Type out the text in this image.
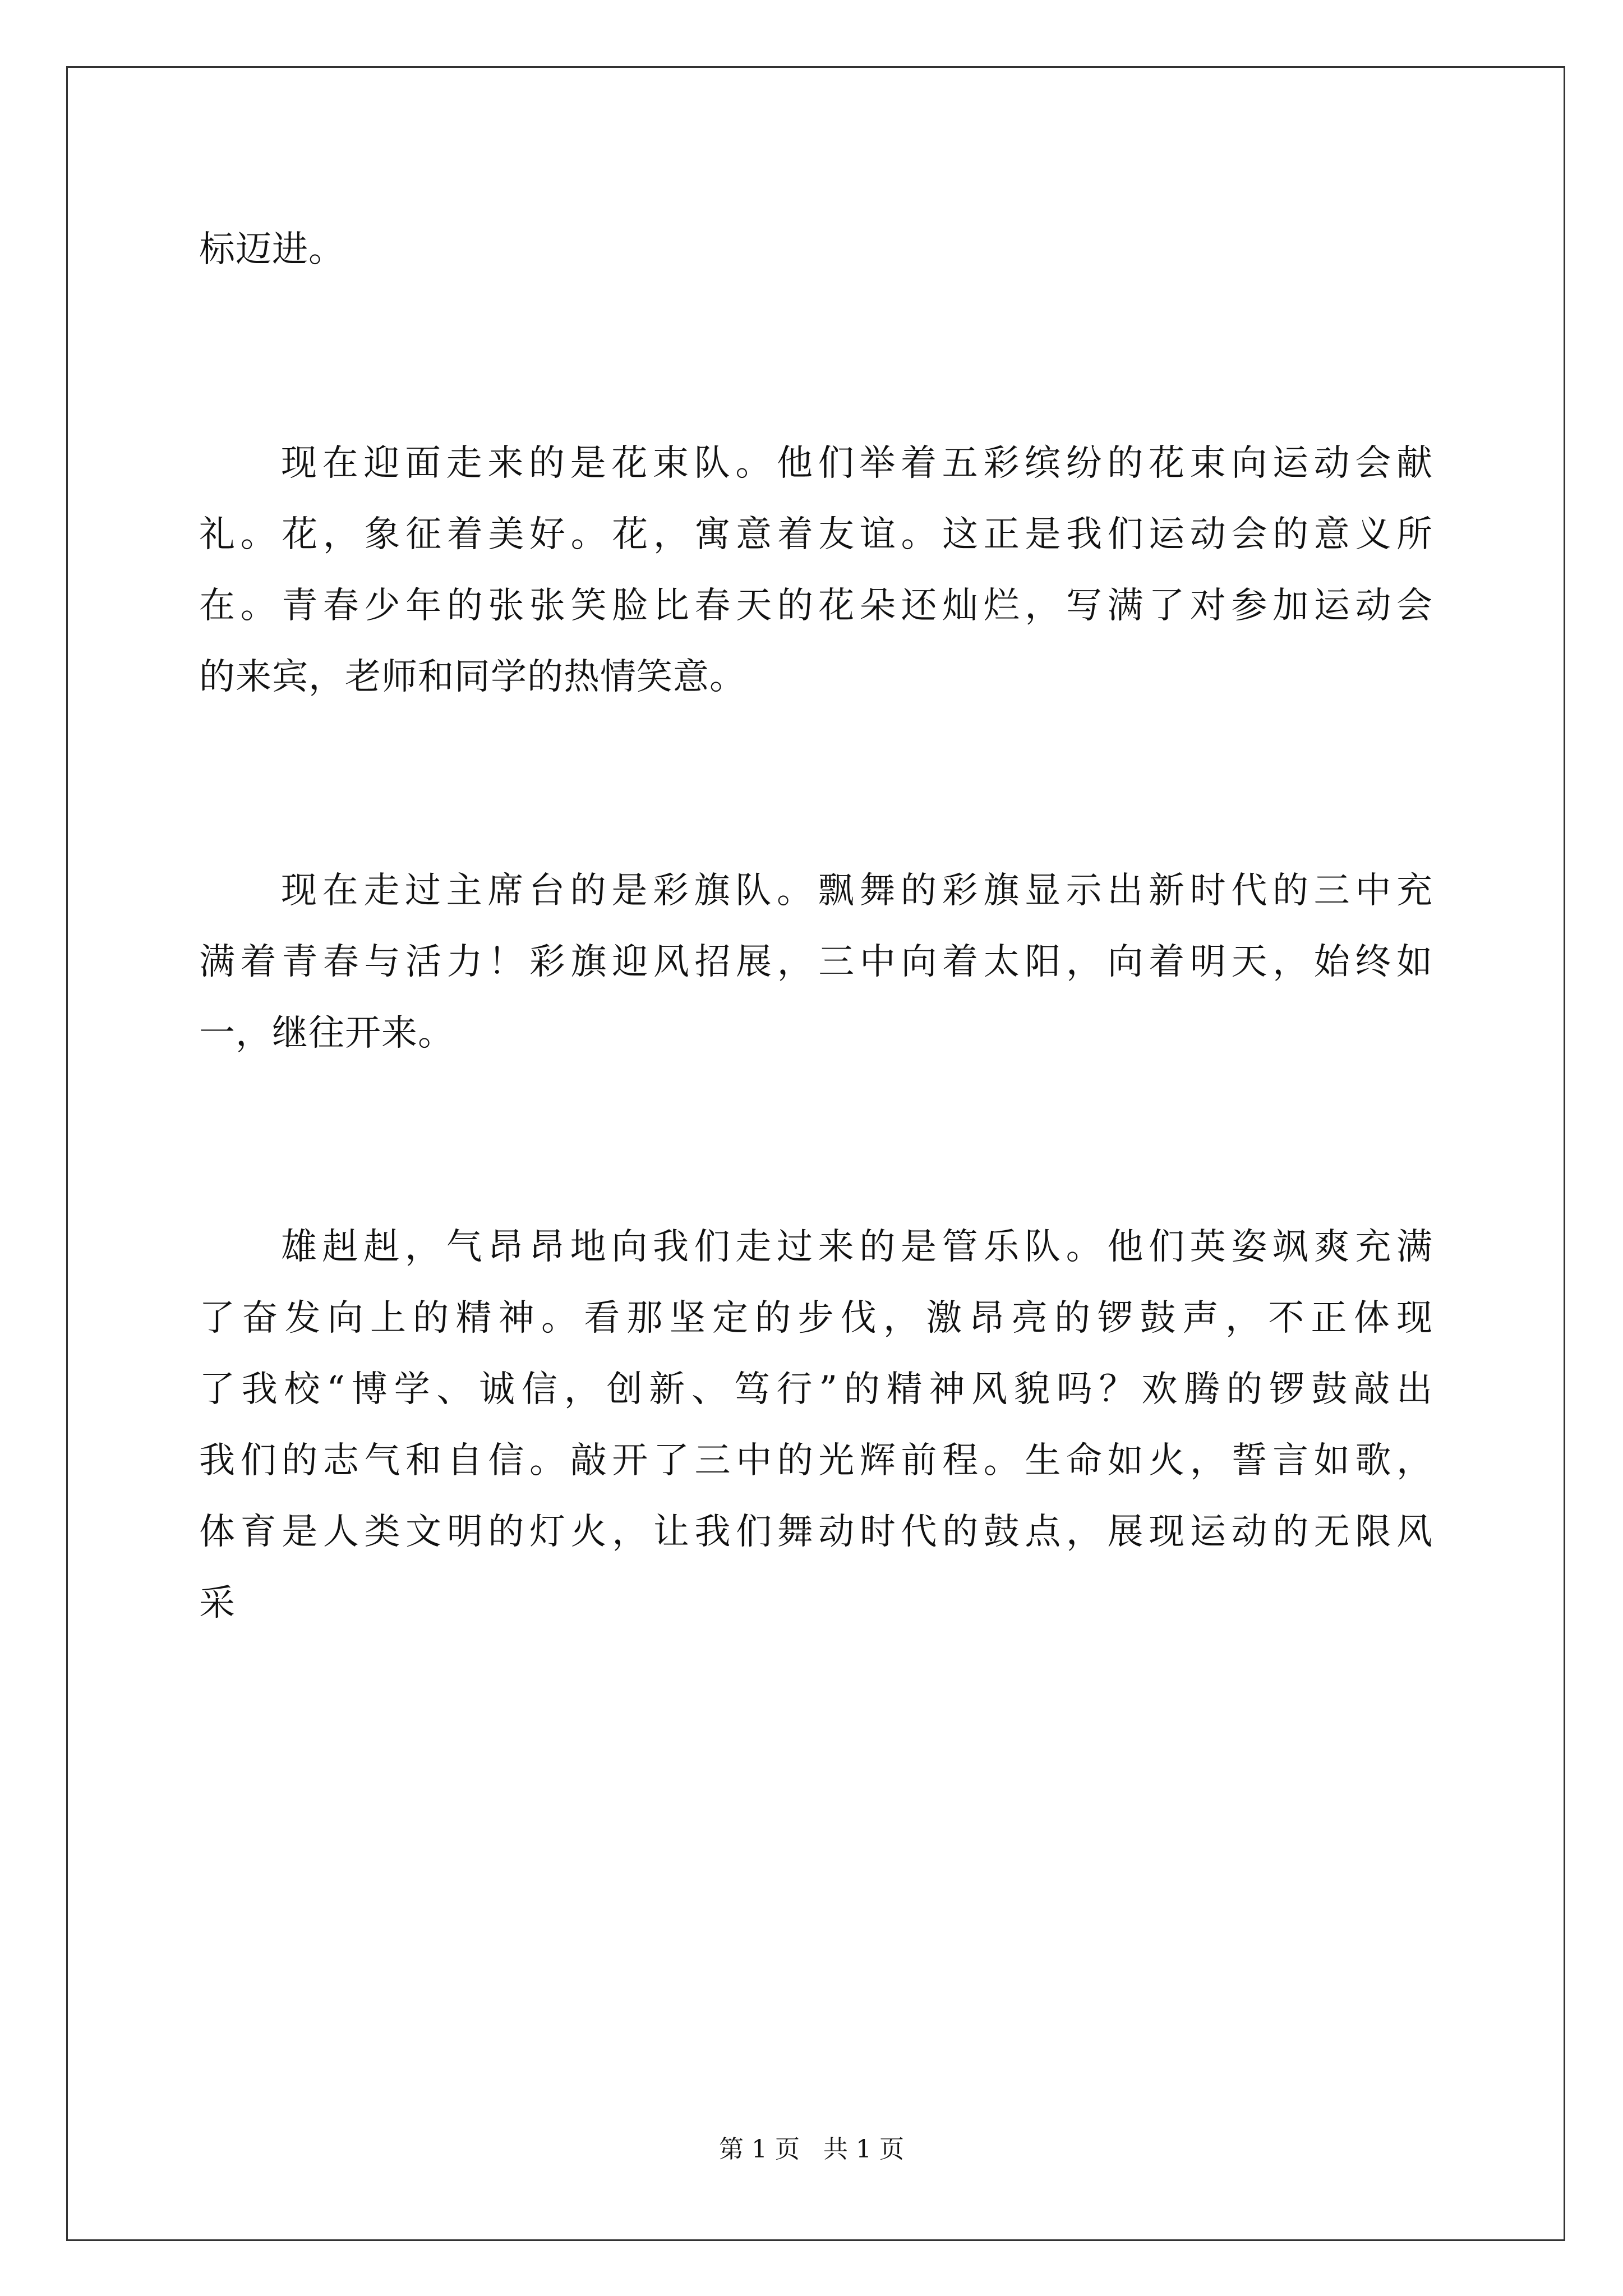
标迈进。
现在迎面走来的是花束队。他们举着五彩缤纷的花束向运动会献
礼。花，象征着美好。花，寓意着友谊。这正是我们运动会的意义所
在。青春少年的张张笑脸比春天的花朵还灿烂，写满了对参加运动会
的来宾，老师和同学的热情笑意。
现在走过主席台的是彩旗队。飘舞的彩旗显示出新时代的三中充
满着青春与活力！彩旗迎风招展，三中向着太阳，向着明天，始终如
一，继往开来。
雄赳赳，气昂昂地向我们走过来的是管乐队。他们英姿飒爽充满
了奋发向上的精神。看那坚定的步伐，激昂亮的锣鼓声，不正体现
了我校“博学、诚信，创新、笃行”的精神风貌吗？欢腾的锣鼓敲出
我们的志气和自信。敲开了三中的光辉前程。生命如火，誓言如歌，
体育是人类文明的灯火，让我们舞动时代的鼓点，展现运动的无限风
采
第 1 页   共 1 页
